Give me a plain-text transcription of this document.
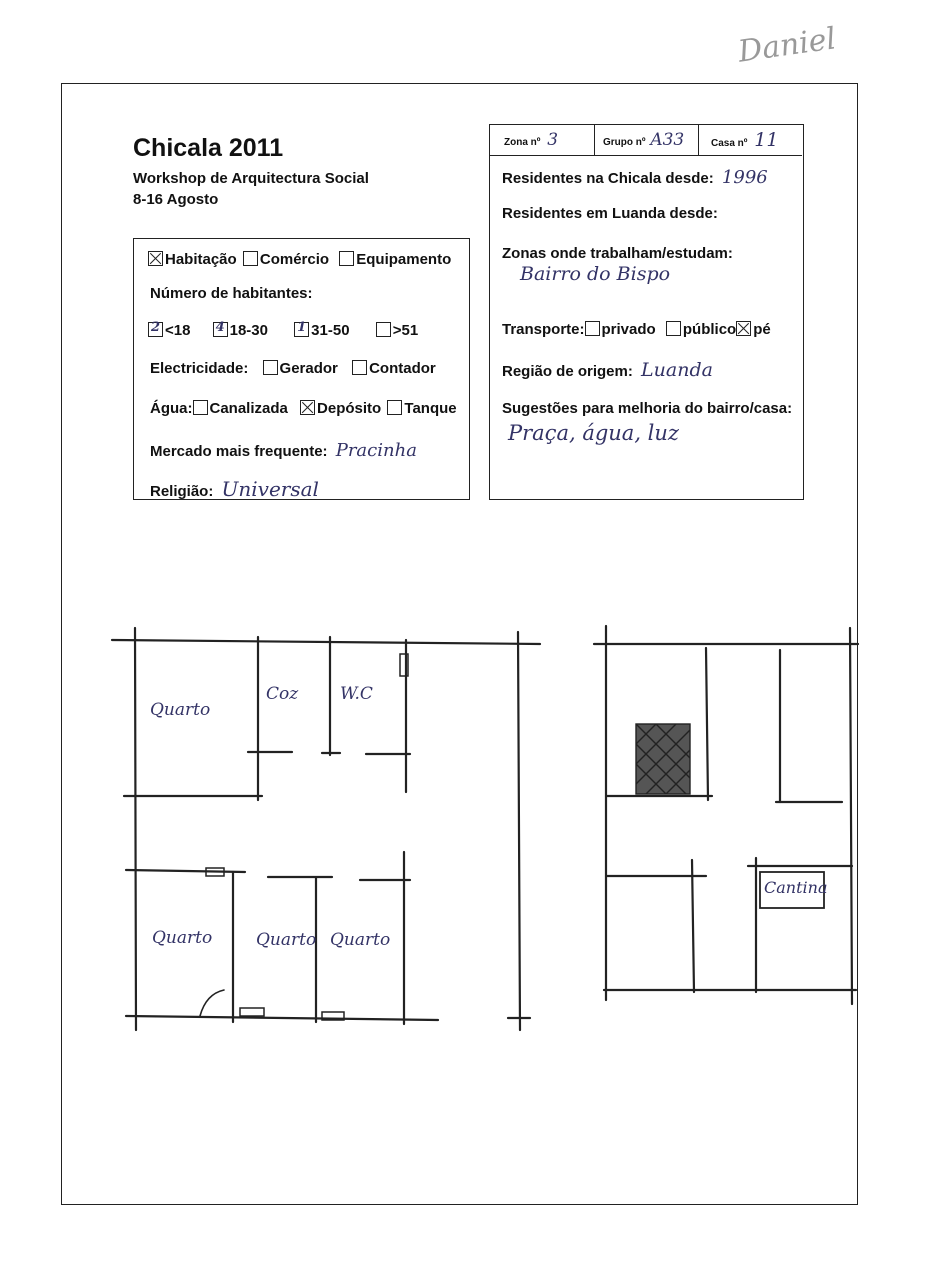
Daniel
Chicala 2011
Workshop de Arquitectura Social
8-16 Agosto
Habitação Comércio Equipamento
Número de habitantes:
2 <18 4 18-30 1 31-50	>51
Electricidade: Gerador Contador
Água: Canalizada Depósito Tanque
Mercado mais frequente: Pracinha
Religião: Universal
Zona nº 3	Grupo nº A33	Casa nº 11
Residentes na Chicala desde: 1996
Residentes em Luanda desde:
Zonas onde trabalham/estudam:
Bairro do Bispo
Transporte: privado público pé
Região de origem: Luanda
Sugestões para melhoria do bairro/casa:
Praça, água, luz
Quarto
Coz W.C
Quarto	Quarto Quarto
Cantina
